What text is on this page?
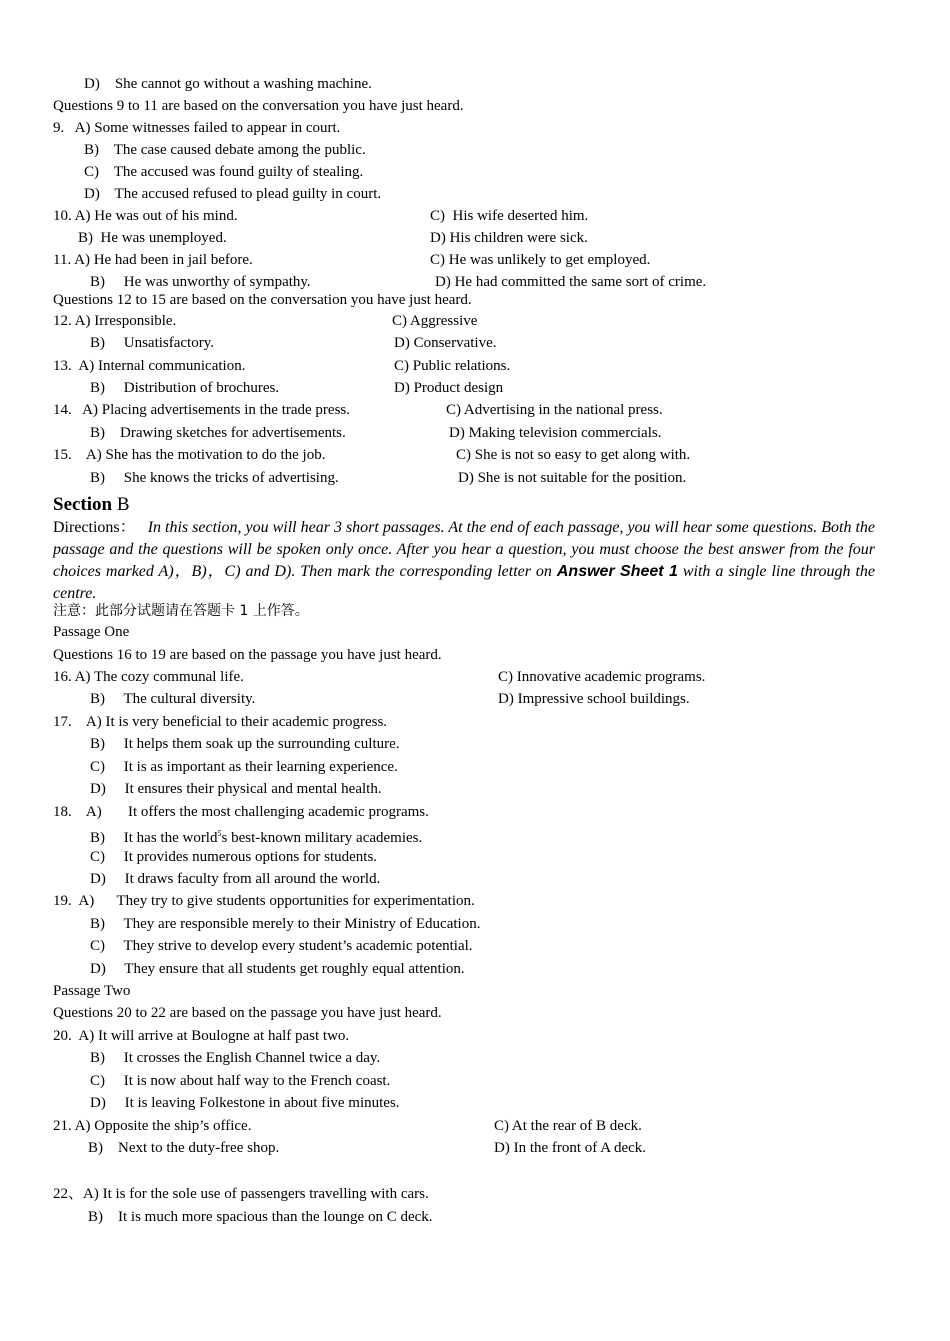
D)    She cannot go without a washing machine.
Questions 9 to 11 are based on the conversation you have just heard.
9.   A) Some witnesses failed to appear in court.
B)    The case caused debate among the public.
C)    The accused was found guilty of stealing.
D)    The accused refused to plead guilty in court.
10. A) He was out of his mind.	C)  His wife deserted him.
B)  He was unemployed.	D) His children were sick.
11. A) He had been in jail before.	C) He was unlikely to get employed.
B)     He was unworthy of sympathy.	D) He had committed the same sort of crime.
Questions 12 to 15 are based on the conversation you have just heard.
12. A) Irresponsible.	C) Aggressive
B)     Unsatisfactory.	D) Conservative.
13.  A) Internal communication.	C) Public relations.
B)     Distribution of brochures.	D) Product design
14.   A) Placing advertisements in the trade press.	C) Advertising in the national press.
B)    Drawing sketches for advertisements.	D) Making television commercials.
15.    A) She has the motivation to do the job.	C) She is not so easy to get along with.
B)     She knows the tricks of advertising.	D) She is not suitable for the position.
Section B
Directions： In this section, you will hear 3 short passages. At the end of each passage, you will hear some questions. Both the passage and the questions will be spoken only once. After you hear a question, you must choose the best answer from the four choices marked A)，B)，C) and D). Then mark the corresponding letter on Answer Sheet 1 with a single line through the centre.
注意：此部分试题请在答题卡 1 上作答。
Passage One
Questions 16 to 19 are based on the passage you have just heard.
16. A) The cozy communal life.	C) Innovative academic programs.
B)     The cultural diversity.	D) Impressive school buildings.
17.    A) It is very beneficial to their academic progress.
B)     It helps them soak up the surrounding culture.
C)     It is as important as their learning experience.
D)     It ensures their physical and mental health.
18.    A)       It offers the most challenging academic programs.
B)     It has the world$^5$s best-known military academies.
C)     It provides numerous options for students.
D)     It draws faculty from all around the world.
19.  A)      They try to give students opportunities for experimentation.
B)     They are responsible merely to their Ministry of Education.
C)     They strive to develop every student’s academic potential.
D)     They ensure that all students get roughly equal attention.
Passage Two
Questions 20 to 22 are based on the passage you have just heard.
20.  A) It will arrive at Boulogne at half past two.
B)     It crosses the English Channel twice a day.
C)     It is now about half way to the French coast.
D)     It is leaving Folkestone in about five minutes.
21. A) Opposite the ship’s office.	C) At the rear of B deck.
B)    Next to the duty-free shop.	D) In the front of A deck.
22、A) It is for the sole use of passengers travelling with cars.
B)    It is much more spacious than the lounge on C deck.
